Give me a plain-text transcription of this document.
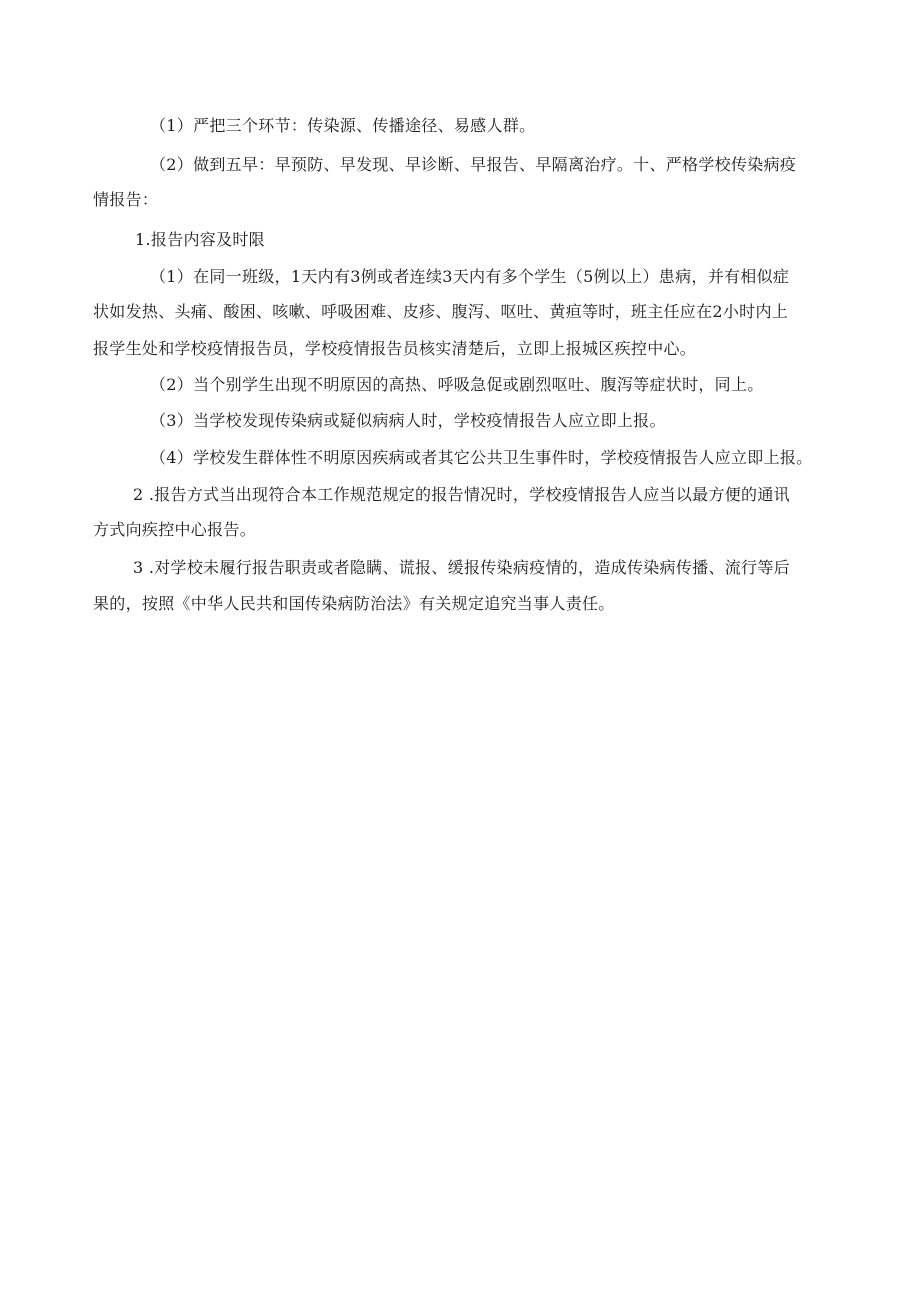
（1）严把三个环节：传染源、传播途径、易感人群。
（2）做到五早：早预防、早发现、早诊断、早报告、早隔离治疗。十、严格学校传染病疫
情报告：
1.报告内容及时限
（1）在同一班级，1天内有3例或者连续3天内有多个学生（5例以上）患病，并有相似症
状如发热、头痛、酸困、咳嗽、呼吸困难、皮疹、腹泻、呕吐、黄疸等时，班主任应在2小时内上
报学生处和学校疫情报告员，学校疫情报告员核实清楚后，立即上报城区疾控中心。
（2）当个别学生出现不明原因的高热、呼吸急促或剧烈呕吐、腹泻等症状时，同上。
（3）当学校发现传染病或疑似病病人时，学校疫情报告人应立即上报。
（4）学校发生群体性不明原因疾病或者其它公共卫生事件时，学校疫情报告人应立即上报。
2 .报告方式当出现符合本工作规范规定的报告情况时，学校疫情报告人应当以最方便的通讯
方式向疾控中心报告。
3 .对学校未履行报告职责或者隐瞒、谎报、缓报传染病疫情的，造成传染病传播、流行等后
果的，按照《中华人民共和国传染病防治法》有关规定追究当事人责任。
